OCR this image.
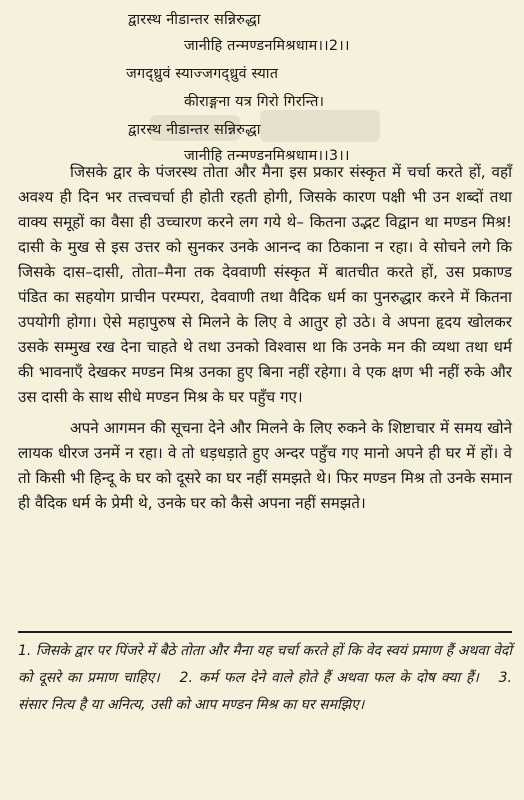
द्वारस्थ नीडान्तर सन्निरुद्धा
जानीहि तन्मण्डनमिश्रधाम।।2।।
जगद्ध्रुवं स्याज्जगद्ध्रुवं स्यात
कीराङ्गना यत्र गिरो गिरन्ति।
द्वारस्थ नीडान्तर सन्निरुद्धा
जानीहि तन्मण्डनमिश्रधाम।।3।।

जिसके द्वार के पंजरस्थ तोता और मैना इस प्रकार संस्कृत में चर्चा करते हों, वहाँ अवश्य ही दिन भर तत्त्वचर्चा ही होती रहती होगी, जिसके कारण पक्षी भी उन शब्दों तथा वाक्य समूहों का वैसा ही उच्चारण करने लग गये थे– कितना उद्भट विद्वान था मण्डन मिश्र! दासी के मुख से इस उत्तर को सुनकर उनके आनन्द का ठिकाना न रहा। वे सोचने लगे कि जिसके दास–दासी, तोता–मैना तक देववाणी संस्कृत में बातचीत करते हों, उस प्रकाण्ड पंडित का सहयोग प्राचीन परम्परा, देववाणी तथा वैदिक धर्म का पुनरुद्धार करने में कितना उपयोगी होगा। ऐसे महापुरुष से मिलने के लिए वे आतुर हो उठे। वे अपना हृदय खोलकर उसके सम्मुख रख देना चाहते थे तथा उनको विश्वास था कि उनके मन की व्यथा तथा धर्म की भावनाएँ देखकर मण्डन मिश्र उनका हुए बिना नहीं रहेगा। वे एक क्षण भी नहीं रुके और उस दासी के साथ सीधे मण्डन मिश्र के घर पहुँच गए।

अपने आगमन की सूचना देने और मिलने के लिए रुकने के शिष्टाचार में समय खोने लायक धीरज उनमें न रहा। वे तो धड़धड़ाते हुए अन्दर पहुँच गए मानो अपने ही घर में हों। वे तो किसी भी हिन्दू के घर को दूसरे का घर नहीं समझते थे। फिर मण्डन मिश्र तो उनके समान ही वैदिक धर्म के प्रेमी थे, उनके घर को कैसे अपना नहीं समझते।

1. जिसके द्वार पर पिंजरे में बैठे तोता और मैना यह चर्चा करते हों कि वेद स्वयं प्रमाण हैं अथवा वेदों को दूसरे का प्रमाण चाहिए।  2. कर्म फल देने वाले होते हैं अथवा फल के दोष क्या हैं।  3. संसार नित्य है या अनित्य, उसी को आप मण्डन मिश्र का घर समझिए।
